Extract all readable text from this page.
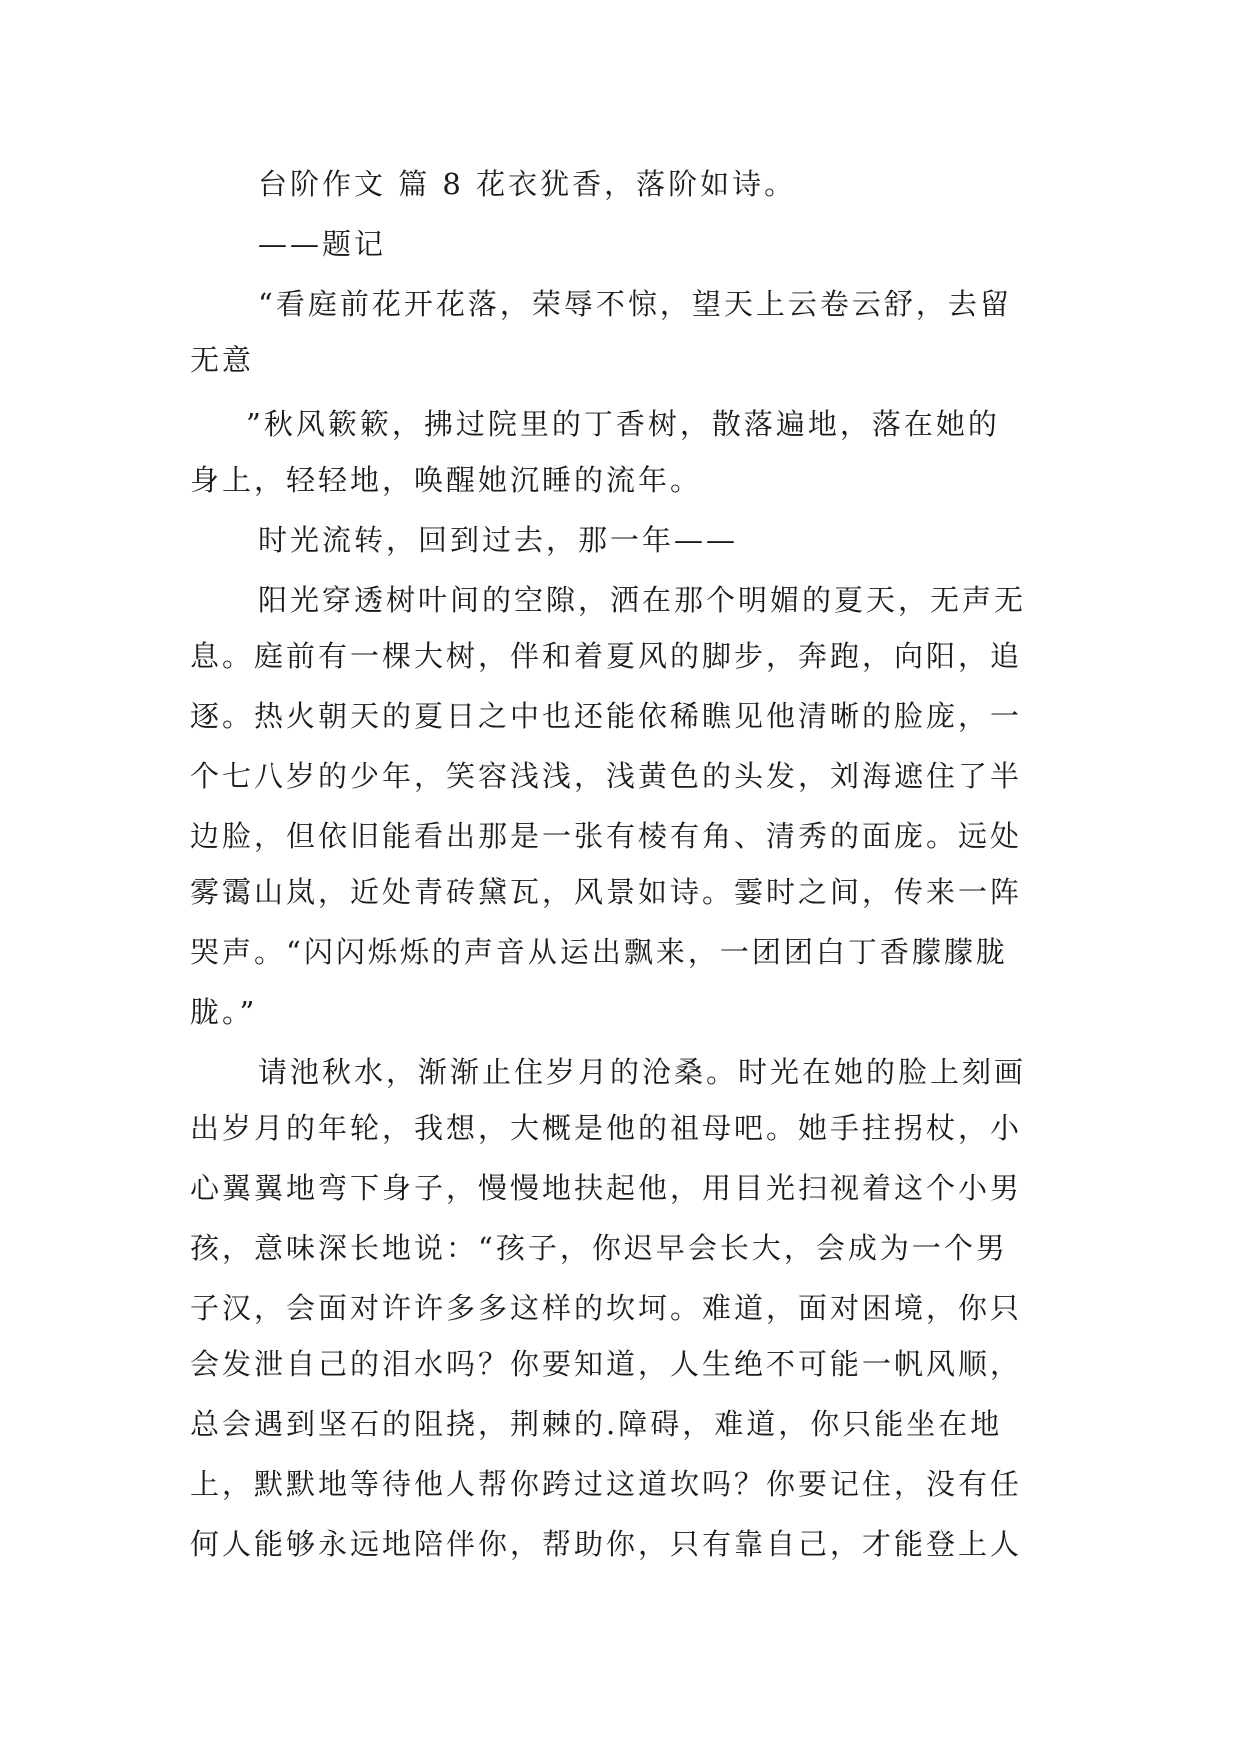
台阶作文 篇 8 花衣犹香，落阶如诗。
——题记
“看庭前花开花落，荣辱不惊，望天上云卷云舒，去留
无意
”秋风簌簌，拂过院里的丁香树，散落遍地，落在她的
身上，轻轻地，唤醒她沉睡的流年。
时光流转，回到过去，那一年——
阳光穿透树叶间的空隙，洒在那个明媚的夏天，无声无
息。庭前有一棵大树，伴和着夏风的脚步，奔跑，向阳，追
逐。热火朝天的夏日之中也还能依稀瞧见他清晰的脸庞，一
个七八岁的少年，笑容浅浅，浅黄色的头发，刘海遮住了半
边脸，但依旧能看出那是一张有棱有角、清秀的面庞。远处
雾霭山岚，近处青砖黛瓦，风景如诗。霎时之间，传来一阵
哭声。“闪闪烁烁的声音从运出飘来，一团团白丁香朦朦胧
胧。”
请池秋水，渐渐止住岁月的沧桑。时光在她的脸上刻画
出岁月的年轮，我想，大概是他的祖母吧。她手拄拐杖，小
心翼翼地弯下身子，慢慢地扶起他，用目光扫视着这个小男
孩，意味深长地说：“孩子，你迟早会长大，会成为一个男
子汉，会面对许许多多这样的坎坷。难道，面对困境，你只
会发泄自己的泪水吗？你要知道，人生绝不可能一帆风顺，
总会遇到坚石的阻挠，荆棘的.障碍，难道，你只能坐在地
上，默默地等待他人帮你跨过这道坎吗？你要记住，没有任
何人能够永远地陪伴你，帮助你，只有靠自己，才能登上人
